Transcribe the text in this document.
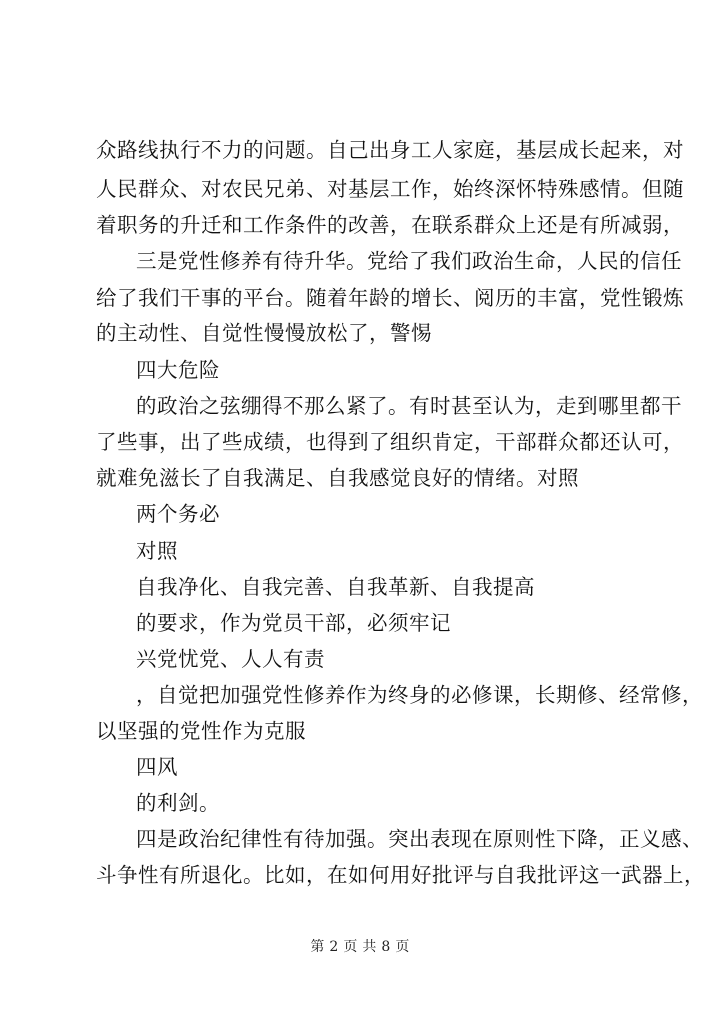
众路线执行不力的问题。自己出身工人家庭，基层成长起来，对
人民群众、对农民兄弟、对基层工作，始终深怀特殊感情。但随
着职务的升迁和工作条件的改善，在联系群众上还是有所减弱，
三是党性修养有待升华。党给了我们政治生命，人民的信任
给了我们干事的平台。随着年龄的增长、阅历的丰富，党性锻炼
的主动性、自觉性慢慢放松了，警惕
四大危险
的政治之弦绷得不那么紧了。有时甚至认为，走到哪里都干
了些事，出了些成绩，也得到了组织肯定，干部群众都还认可，
就难免滋长了自我满足、自我感觉良好的情绪。对照
两个务必
对照
自我净化、自我完善、自我革新、自我提高
的要求，作为党员干部，必须牢记
兴党忧党、人人有责
，自觉把加强党性修养作为终身的必修课，长期修、经常修，
以坚强的党性作为克服
四风
的利剑。
四是政治纪律性有待加强。突出表现在原则性下降，正义感、
斗争性有所退化。比如，在如何用好批评与自我批评这一武器上，
第 2 页 共 8 页
